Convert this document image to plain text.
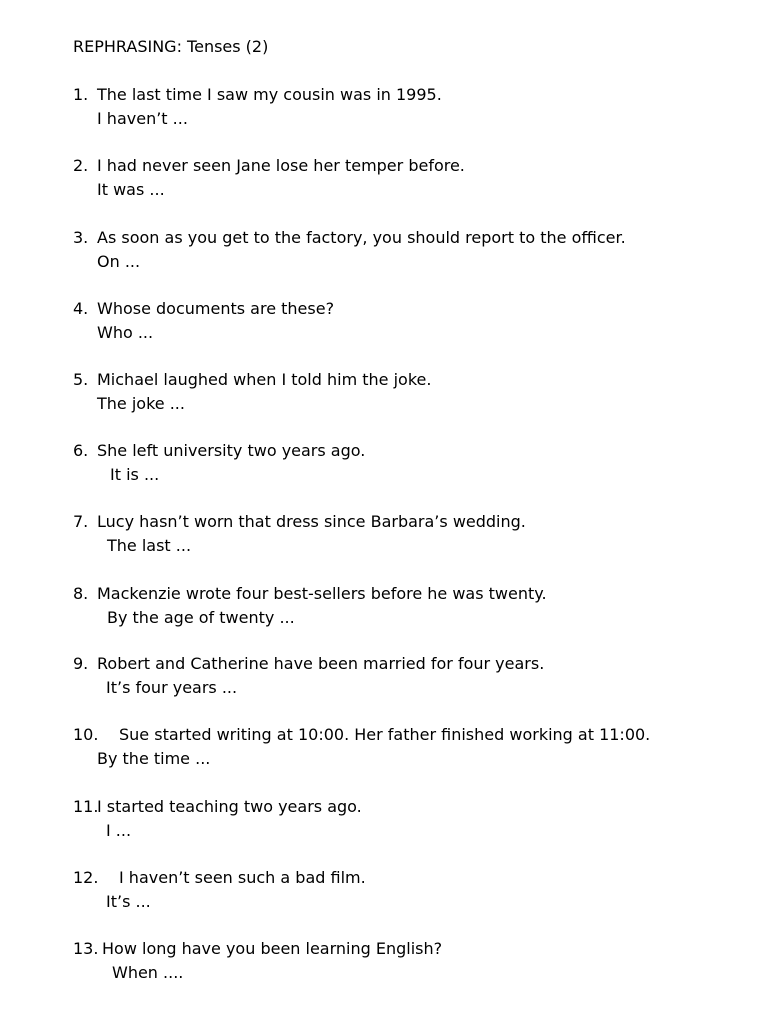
REPHRASING: Tenses (2)
1. The last time I saw my cousin was in 1995.
I haven’t ...
2. I had never seen Jane lose her temper before.
It was ...
3. As soon as you get to the factory, you should report to the officer.
On ...
4. Whose documents are these?
Who ...
5. Michael laughed when I told him the joke.
The joke ...
6. She left university two years ago.
It is ...
7. Lucy hasn’t worn that dress since Barbara’s wedding.
The last ...
8. Mackenzie wrote four best-sellers before he was twenty.
By the age of twenty ...
9. Robert and Catherine have been married for four years.
It’s four years ...
10. Sue started writing at 10:00. Her father finished working at 11:00.
By the time ...
11.I started teaching two years ago.
I ...
12. I haven’t seen such a bad film.
It’s ...
13. How long have you been learning English?
When ....
